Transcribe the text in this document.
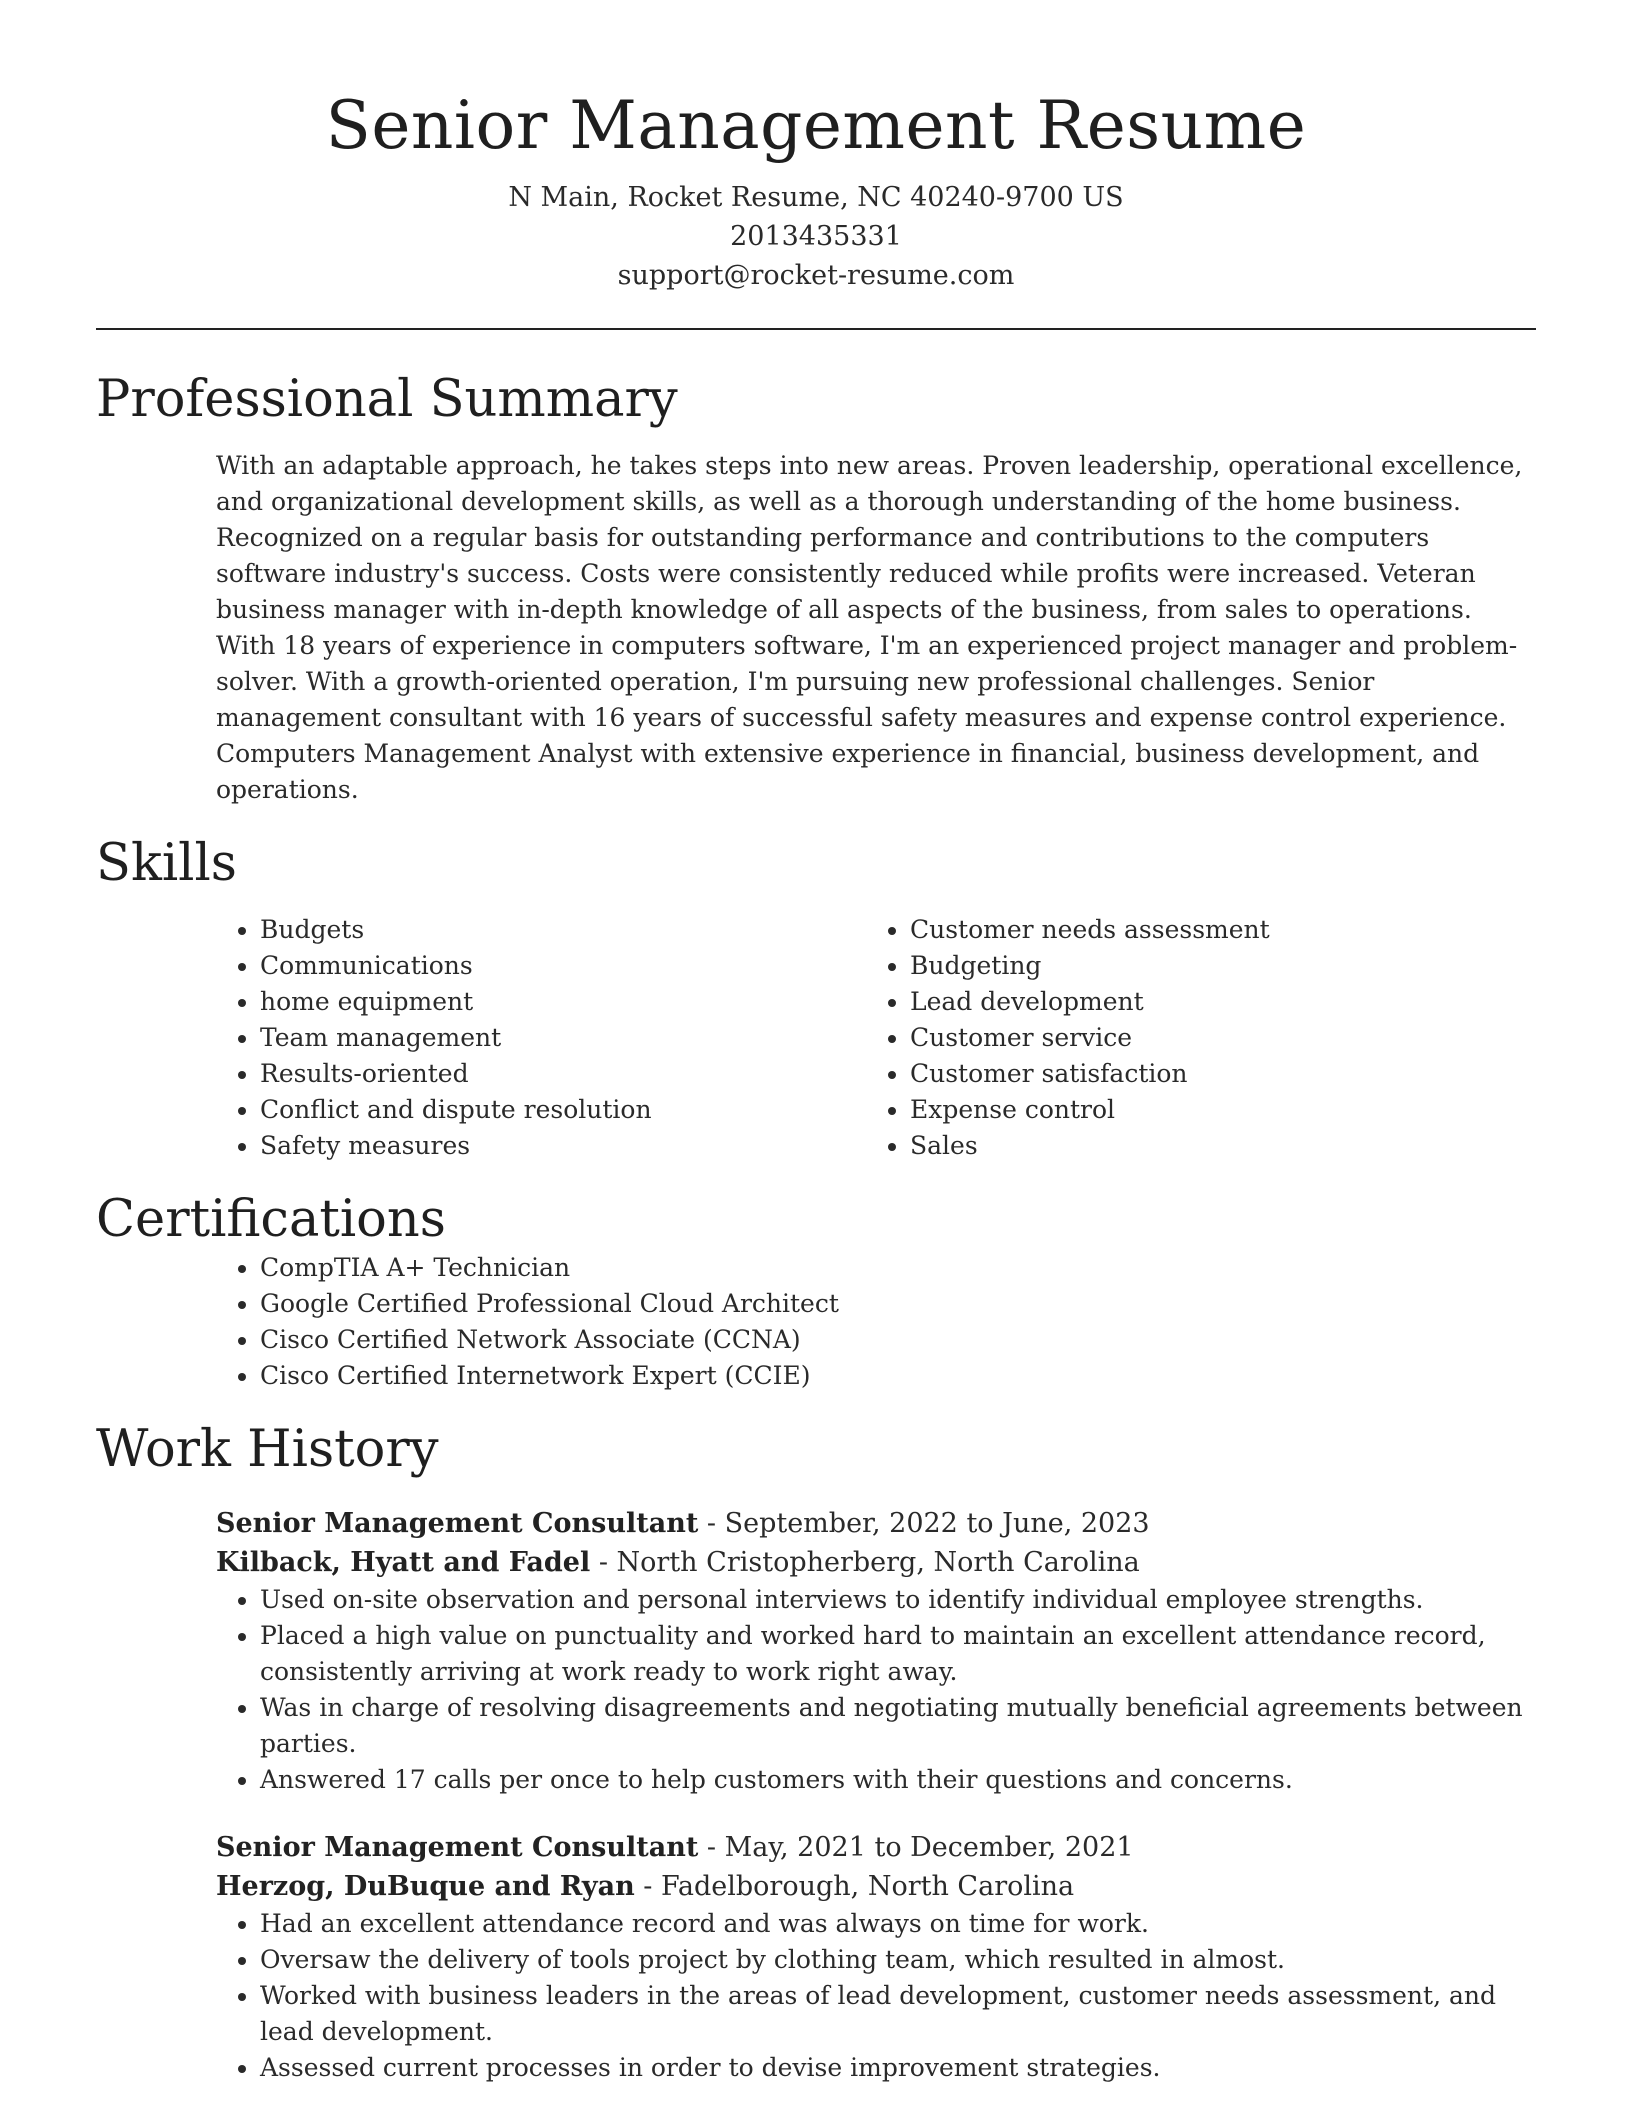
Senior Management Resume
N Main, Rocket Resume, NC 40240-9700 US
2013435331
support@rocket-resume.com
Professional Summary

With an adaptable approach, he takes steps into new areas. Proven leadership, operational excellence, and organizational development skills, as well as a thorough understanding of the home business. Recognized on a regular basis for outstanding performance and contributions to the computers software industry's success. Costs were consistently reduced while profits were increased. Veteran business manager with in-depth knowledge of all aspects of the business, from sales to operations. With 18 years of experience in computers software, I'm an experienced project manager and problem-solver. With a growth-oriented operation, I'm pursuing new professional challenges. Senior management consultant with 16 years of successful safety measures and expense control experience. Computers Management Analyst with extensive experience in financial, business development, and operations.

Skills
• Budgets
• Communications
• home equipment
• Team management
• Results-oriented
• Conflict and dispute resolution
• Safety measures
• Customer needs assessment
• Budgeting
• Lead development
• Customer service
• Customer satisfaction
• Expense control
• Sales
Certifications
• CompTIA A+ Technician
• Google Certified Professional Cloud Architect
• Cisco Certified Network Associate (CCNA)
• Cisco Certified Internetwork Expert (CCIE)
Work History
Senior Management Consultant - September, 2022 to June, 2023
Kilback, Hyatt and Fadel - North Cristopherberg, North Carolina
• Used on-site observation and personal interviews to identify individual employee strengths.
• Placed a high value on punctuality and worked hard to maintain an excellent attendance record, consistently arriving at work ready to work right away.
• Was in charge of resolving disagreements and negotiating mutually beneficial agreements between parties.
• Answered 17 calls per once to help customers with their questions and concerns.
Senior Management Consultant - May, 2021 to December, 2021
Herzog, DuBuque and Ryan - Fadelborough, North Carolina
• Had an excellent attendance record and was always on time for work.
• Oversaw the delivery of tools project by clothing team, which resulted in almost.
• Worked with business leaders in the areas of lead development, customer needs assessment, and lead development.
• Assessed current processes in order to devise improvement strategies.
